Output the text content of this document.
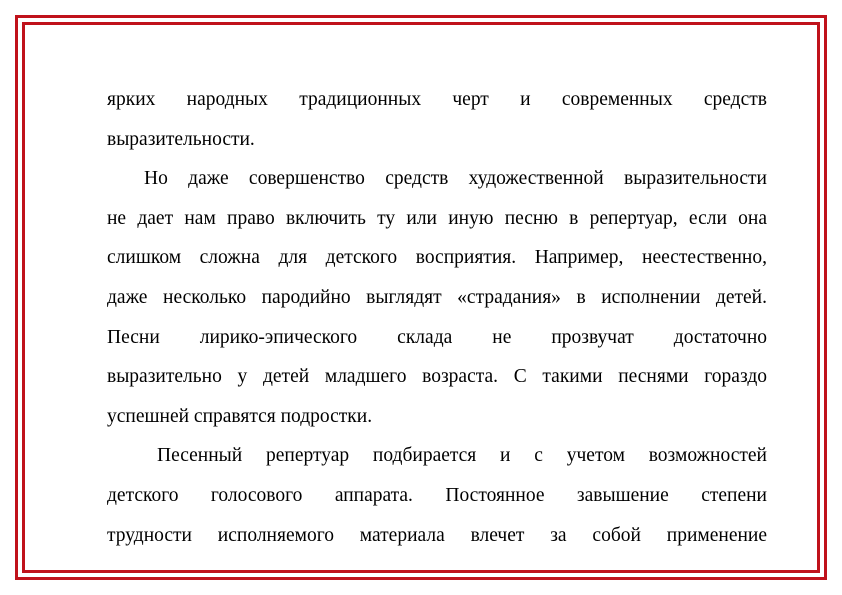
ярких народных традиционных черт и современных средств
выразительности.
Но даже совершенство средств художественной выразительности
не дает нам право включить ту или иную песню в репертуар, если она
слишком сложна для детского восприятия. Например, неестественно,
даже несколько пародийно выглядят «страдания» в исполнении детей.
Песни лирико-эпического склада не прозвучат достаточно
выразительно у детей младшего возраста. С такими песнями гораздо
успешней справятся подростки.
Песенный репертуар подбирается и с учетом возможностей
детского голосового аппарата. Постоянное завышение степени
трудности исполняемого материала влечет за собой применение
